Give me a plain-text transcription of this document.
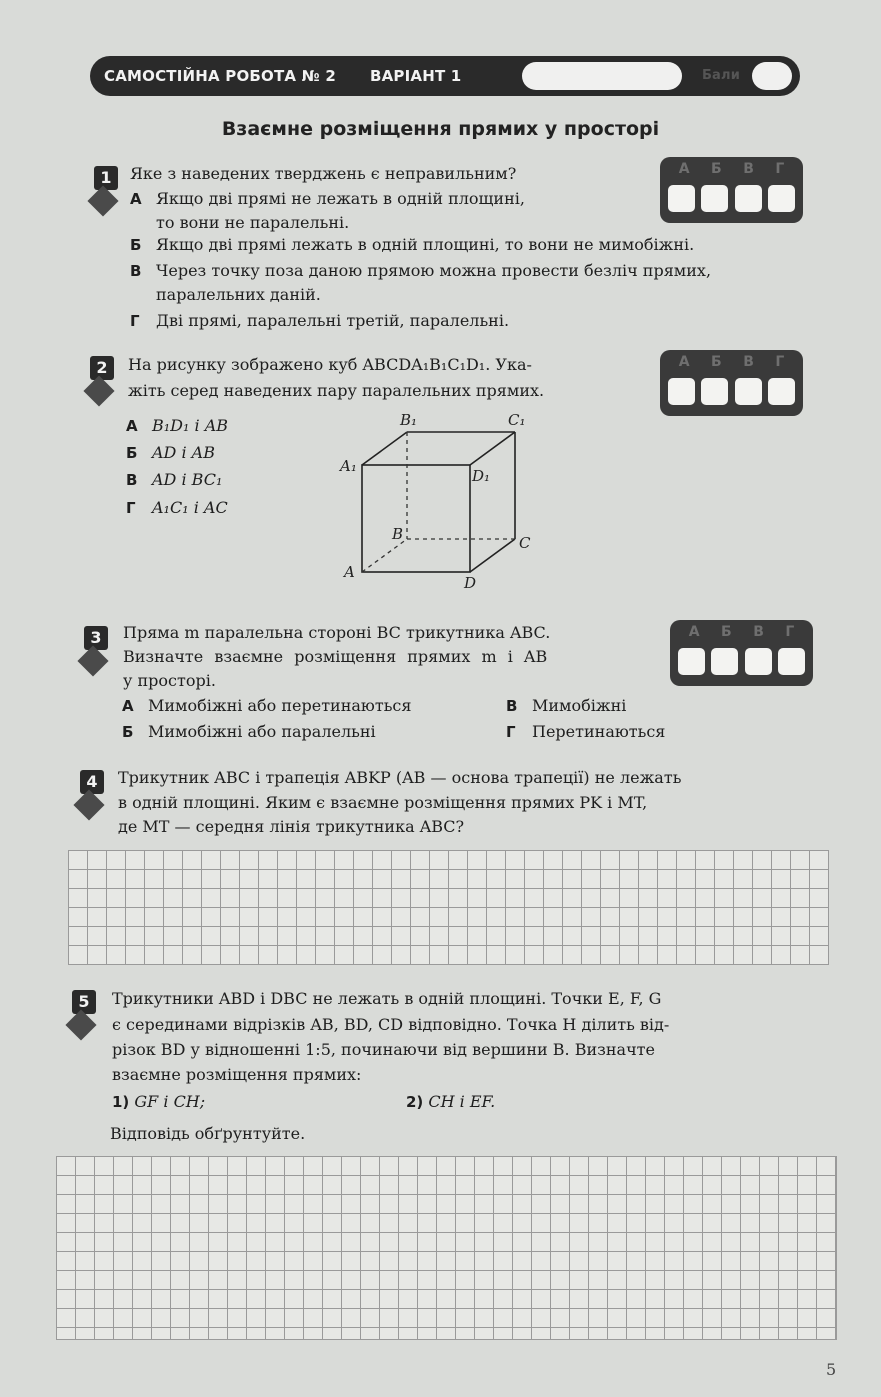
САМОСТІЙНА РОБОТА № 2 ВАРІАНТ 1	Бали
Взаємне розміщення прямих у просторі
1	Яке з наведених тверджень є неправильним?
А Якщо дві прямі не лежать в одній площині,
то вони не паралельні.
Б Якщо дві прямі лежать в одній площині, то вони не мимобіжні.
В Через точку поза даною прямою можна провести безліч прямих,
паралельних даній.
Г Дві прямі, паралельні третій, паралельні.
А Б В Г
2	На рисунку зображено куб ABCDA₁B₁C₁D₁. Ука-
жіть серед наведених пару паралельних прямих.
А Б В Г
А B₁D₁ і AB
Б AD і AB
В AD і BC₁
Г A₁C₁ і AC
B₁	C₁
A₁
D₁
B	C
A
D
3	Пряма m паралельна стороні BC трикутника ABC.
Визначте взаємне розміщення прямих m і AB
у просторі.
А Б В Г
А Мимобіжні або перетинаються
Б Мимобіжні або паралельні
В Мимобіжні
Г Перетинаються
4	Трикутник ABC і трапеція ABKP (AB — основа трапеції) не лежать
в одній площині. Яким є взаємне розміщення прямих PK і MT,
де MT — середня лінія трикутника ABC?
5	Трикутники ABD і DBC не лежать в одній площині. Точки E, F, G
є серединами відрізків AB, BD, CD відповідно. Точка H ділить від-
різок BD у відношенні 1:5, починаючи від вершини B. Визначте
взаємне розміщення прямих:
1) GF і CH;	2) CH і EF.
Відповідь обґрунтуйте.
5
